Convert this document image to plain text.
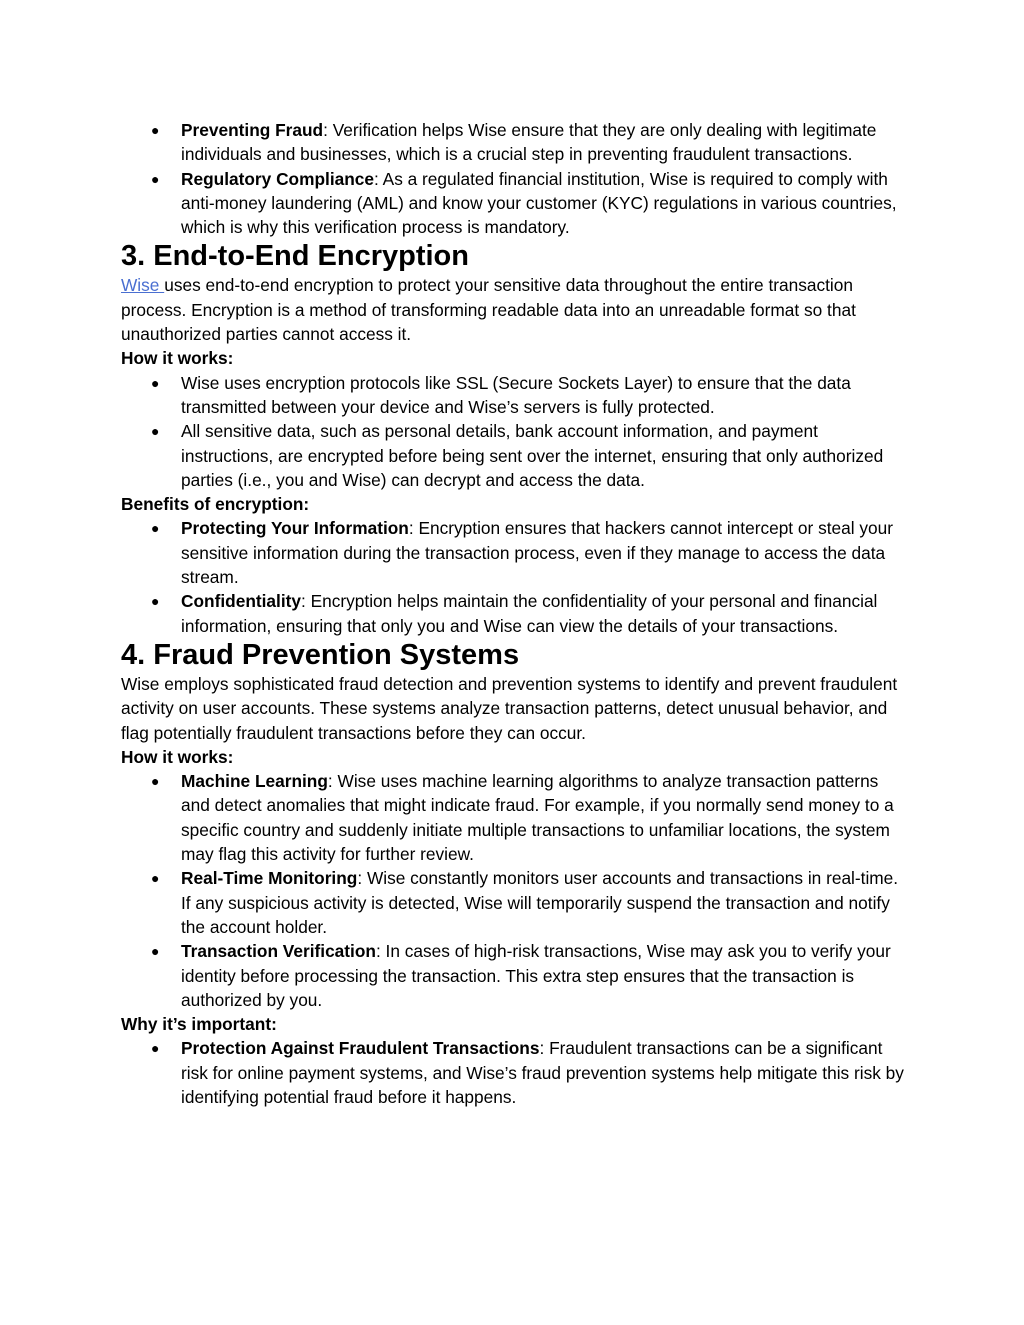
●	Preventing Fraud: Verification helps Wise ensure that they are only dealing with legitimate individuals and businesses, which is a crucial step in preventing fraudulent transactions.
●	Regulatory Compliance: As a regulated financial institution, Wise is required to comply with anti-money laundering (AML) and know your customer (KYC) regulations in various countries, which is why this verification process is mandatory.
3. End-to-End Encryption

Wise uses end-to-end encryption to protect your sensitive data throughout the entire transaction process. Encryption is a method of transforming readable data into an unreadable format so that unauthorized parties cannot access it.

How it works:

●	Wise uses encryption protocols like SSL (Secure Sockets Layer) to ensure that the data transmitted between your device and Wise’s servers is fully protected.
●	All sensitive data, such as personal details, bank account information, and payment instructions, are encrypted before being sent over the internet, ensuring that only authorized parties (i.e., you and Wise) can decrypt and access the data.

Benefits of encryption:

●	Protecting Your Information: Encryption ensures that hackers cannot intercept or steal your sensitive information during the transaction process, even if they manage to access the data stream.
●	Confidentiality: Encryption helps maintain the confidentiality of your personal and financial information, ensuring that only you and Wise can view the details of your transactions.
4. Fraud Prevention Systems

Wise employs sophisticated fraud detection and prevention systems to identify and prevent fraudulent activity on user accounts. These systems analyze transaction patterns, detect unusual behavior, and flag potentially fraudulent transactions before they can occur.

How it works:

●	Machine Learning: Wise uses machine learning algorithms to analyze transaction patterns and detect anomalies that might indicate fraud. For example, if you normally send money to a specific country and suddenly initiate multiple transactions to unfamiliar locations, the system may flag this activity for further review.
●	Real-Time Monitoring: Wise constantly monitors user accounts and transactions in real-time. If any suspicious activity is detected, Wise will temporarily suspend the transaction and notify the account holder.
●	Transaction Verification: In cases of high-risk transactions, Wise may ask you to verify your identity before processing the transaction. This extra step ensures that the transaction is authorized by you.

Why it’s important:

●	Protection Against Fraudulent Transactions: Fraudulent transactions can be a significant risk for online payment systems, and Wise’s fraud prevention systems help mitigate this risk by identifying potential fraud before it happens.
